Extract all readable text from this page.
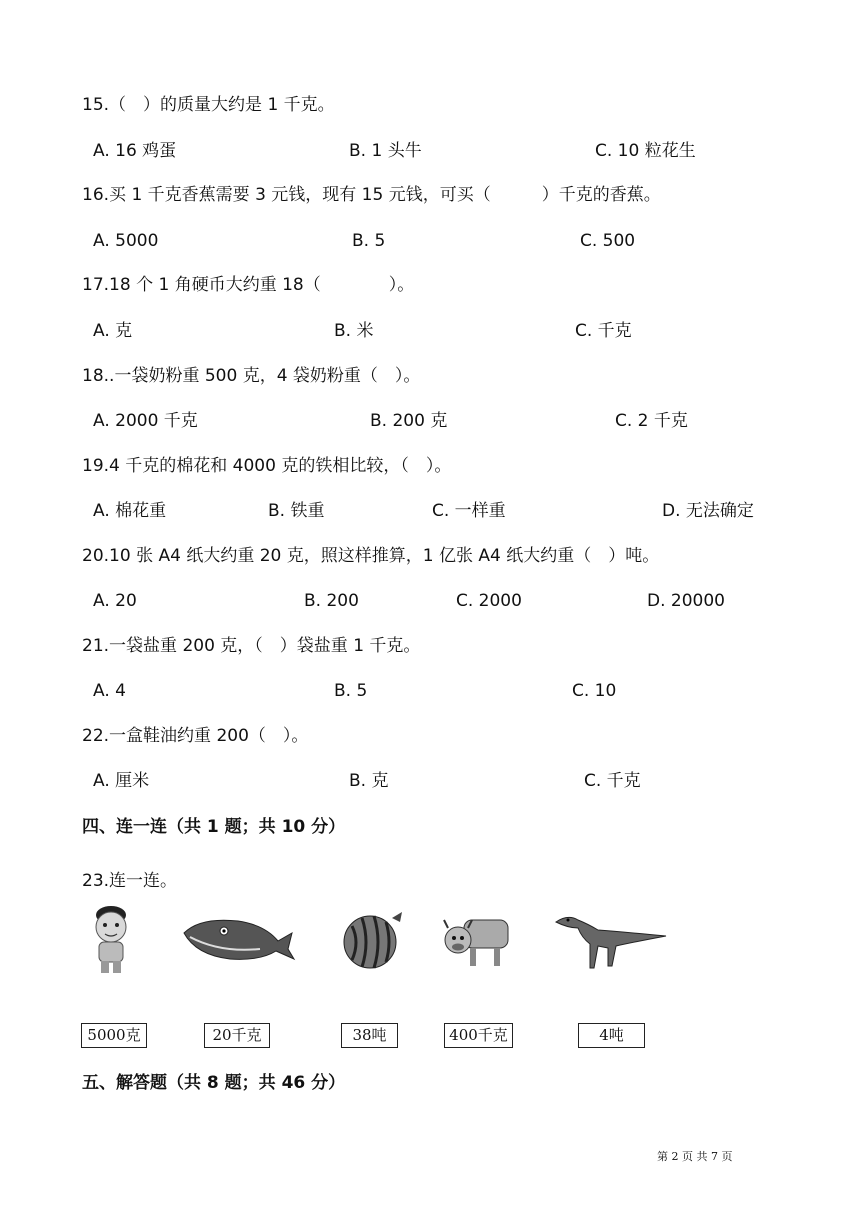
15.（　）的质量大约是 1 千克。
A. 16 鸡蛋	B. 1 头牛	C. 10 粒花生
16.买 1 千克香蕉需要 3 元钱，现有 15 元钱，可买（　　　）千克的香蕉。
A. 5000	B. 5	C. 500
17.18 个 1 角硬币大约重 18（　　　　）。
A. 克	B. 米	C. 千克
18..一袋奶粉重 500 克，4 袋奶粉重（　）。
A. 2000 千克	B. 200 克	C. 2 千克
19.4 千克的棉花和 4000 克的铁相比较，（　）。
A. 棉花重	B. 铁重	C. 一样重	D. 无法确定
20.10 张 A4 纸大约重 20 克，照这样推算，1 亿张 A4 纸大约重（　）吨。
A. 20	B. 200	C. 2000	D. 20000
21.一袋盐重 200 克，（　）袋盐重 1 千克。
A. 4	B. 5	C. 10
22.一盒鞋油约重 200（　）。
A. 厘米	B. 克	C. 千克
四、连一连（共 1 题；共 10 分）
23.连一连。
5000克	20千克	38吨	400千克	4吨
五、解答题（共 8 题；共 46 分）
第 2 页 共 7 页
